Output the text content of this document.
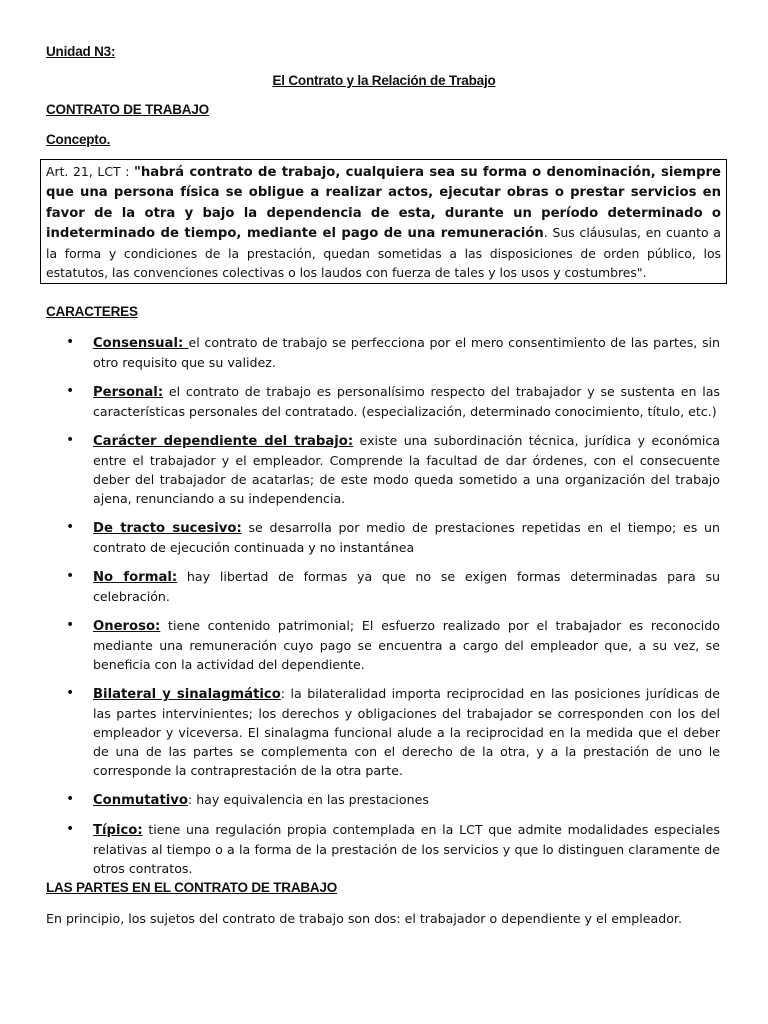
Unidad N3:
El Contrato y la Relación de Trabajo
CONTRATO DE TRABAJO
Concepto.
Art. 21, LCT : "habrá contrato de trabajo, cualquiera sea su forma o denominación, siempre que una persona física se obligue a realizar actos, ejecutar obras o prestar servicios en favor de la otra y bajo la dependencia de esta, durante un período determinado o indeterminado de tiempo, mediante el pago de una remuneración. Sus cláusulas, en cuanto a la forma y condiciones de la prestación, quedan sometidas a las disposiciones de orden público, los estatutos, las convenciones colectivas o los laudos con fuerza de tales y los usos y costumbres".
CARACTERES
• Consensual: el contrato de trabajo se perfecciona por el mero consentimiento de las partes, sin otro requisito que su validez.
• Personal: el contrato de trabajo es personalísimo respecto del trabajador y se sustenta en las características personales del contratado. (especialización, determinado conocimiento, título, etc.)
• Carácter dependiente del trabajo: existe una subordinación técnica, jurídica y económica entre el trabajador y el empleador. Comprende la facultad de dar órdenes, con el consecuente deber del trabajador de acatarlas; de este modo queda sometido a una organización del trabajo ajena, renunciando a su independencia.
• De tracto sucesivo: se desarrolla por medio de prestaciones repetidas en el tiempo; es un contrato de ejecución continuada y no instantánea
• No formal: hay libertad de formas ya que no se exigen formas determinadas para su celebración.
• Oneroso: tiene contenido patrimonial; El esfuerzo realizado por el trabajador es reconocido mediante una remuneración cuyo pago se encuentra a cargo del empleador que, a su vez, se beneficia con la actividad del dependiente.
• Bilateral y sinalagmático: la bilateralidad importa reciprocidad en las posiciones jurídicas de las partes intervinientes; los derechos y obligaciones del trabajador se corresponden con los del empleador y viceversa. El sinalagma funcional alude a la reciprocidad en la medida que el deber de una de las partes se complementa con el derecho de la otra, y a la prestación de uno le corresponde la contraprestación de la otra parte.
• Conmutativo: hay equivalencia en las prestaciones
• Típico: tiene una regulación propia contemplada en la LCT que admite modalidades especiales relativas al tiempo o a la forma de la prestación de los servicios y que lo distinguen claramente de otros contratos.
LAS PARTES EN EL CONTRATO DE TRABAJO
En principio, los sujetos del contrato de trabajo son dos: el trabajador o dependiente y el empleador.
